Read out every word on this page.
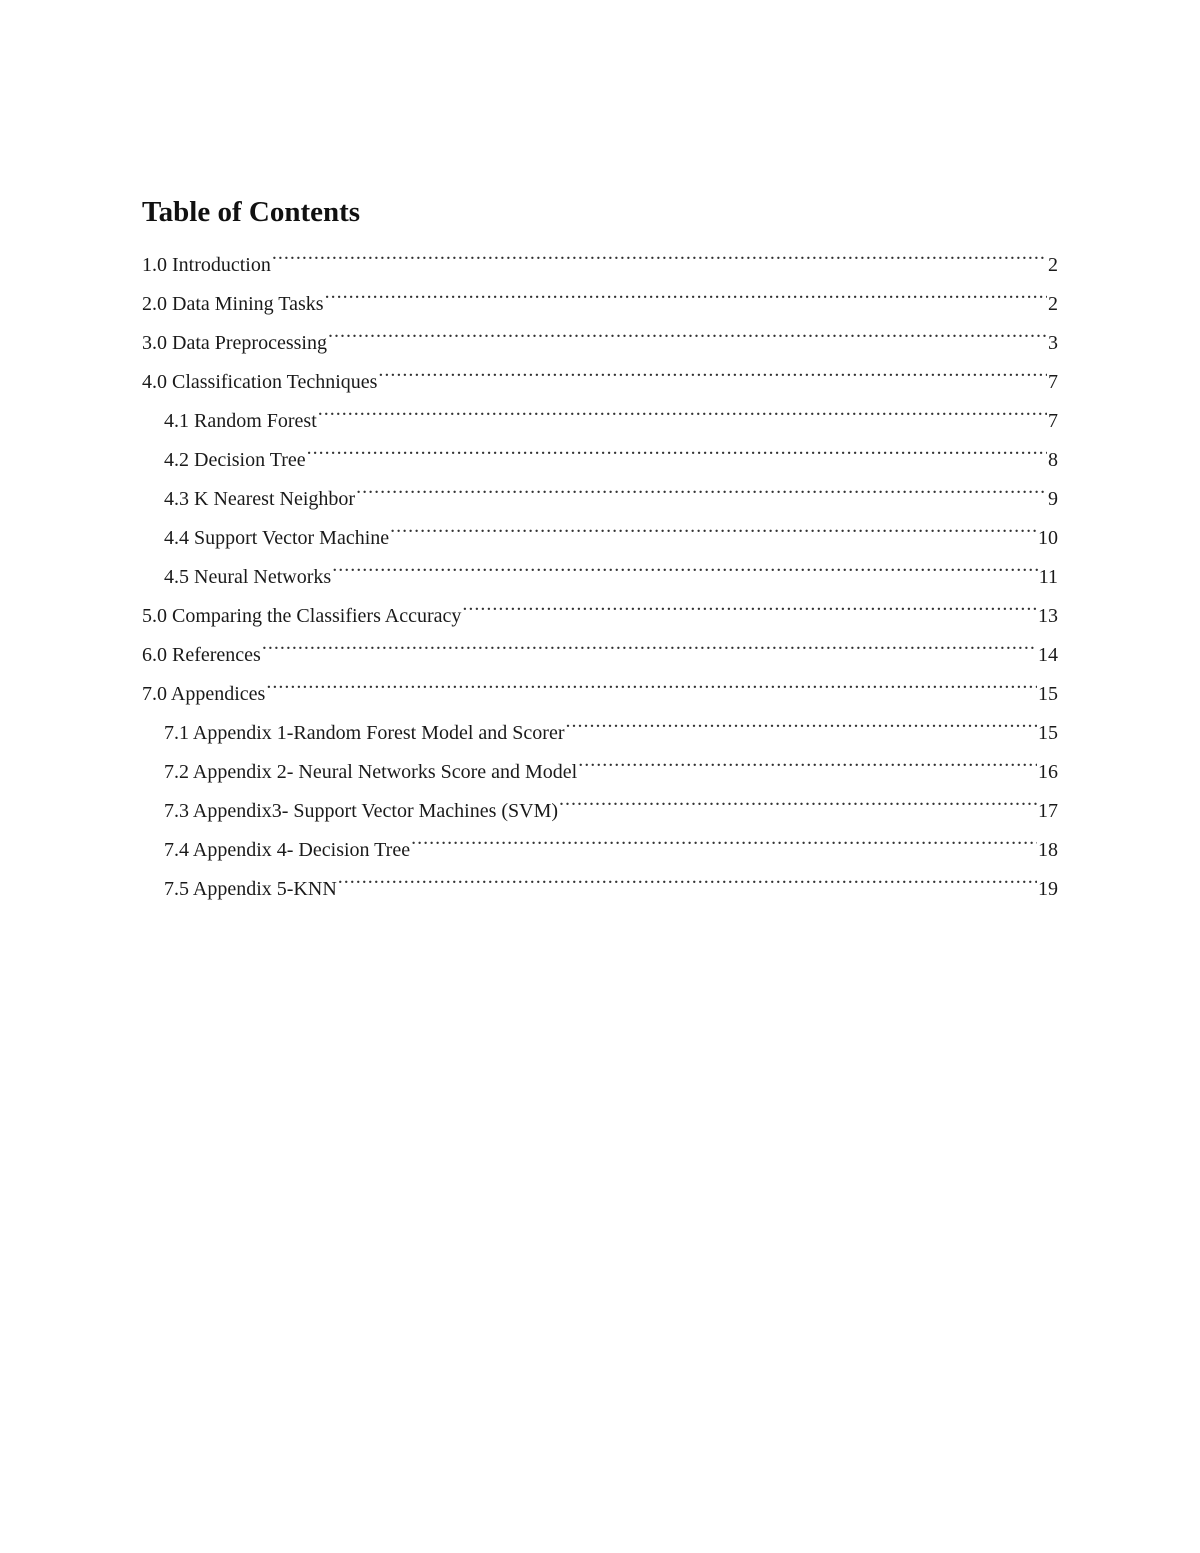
Table of Contents
1.0 Introduction .....	2
2.0 Data Mining Tasks .....	2
3.0 Data Preprocessing .....	3
4.0 Classification Techniques .....	7
4.1 Random Forest .....	7
4.2 Decision Tree .....	8
4.3 K Nearest Neighbor .....	9
4.4 Support Vector Machine .....	10
4.5 Neural Networks .....	11
5.0 Comparing the Classifiers Accuracy .....	13
6.0 References .....	14
7.0 Appendices .....	15
7.1 Appendix 1-Random Forest Model and Scorer .....	15
7.2 Appendix 2- Neural Networks Score and Model .....	16
7.3 Appendix3- Support Vector Machines (SVM) .....	17
7.4 Appendix 4- Decision Tree .....	18
7.5 Appendix 5-KNN .....	19
